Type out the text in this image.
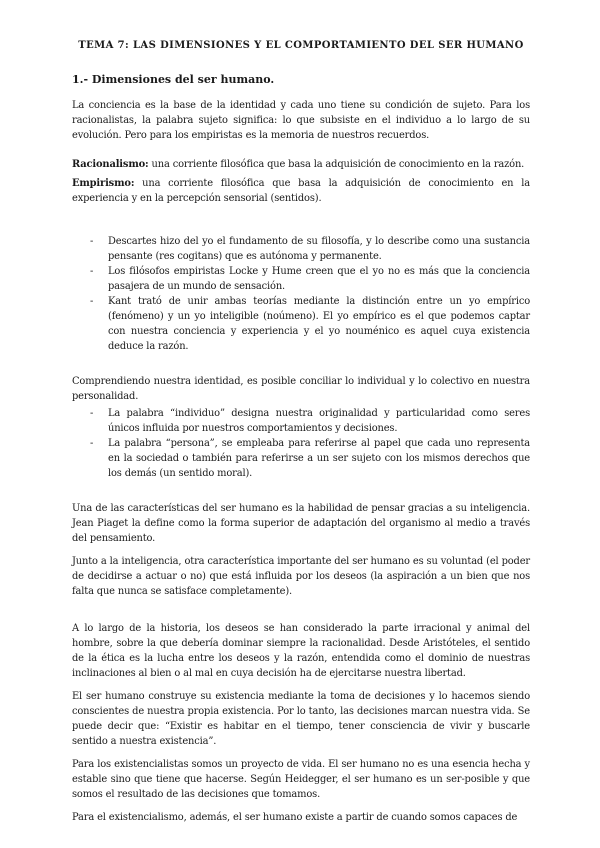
TEMA 7: LAS DIMENSIONES Y EL COMPORTAMIENTO DEL SER HUMANO
1.- Dimensiones del ser humano.

La conciencia es la base de la identidad y cada uno tiene su condición de sujeto. Para los racionalistas, la palabra sujeto significa: lo que subsiste en el individuo a lo largo de su evolución. Pero para los empiristas es la memoria de nuestros recuerdos.

Racionalismo: una corriente filosófica que basa la adquisición de conocimiento en la razón.

Empirismo: una corriente filosófica que basa la adquisición de conocimiento en la experiencia y en la percepción sensorial (sentidos).

- Descartes hizo del yo el fundamento de su filosofía, y lo describe como una sustancia pensante (res cogitans) que es autónoma y permanente.
- Los filósofos empiristas Locke y Hume creen que el yo no es más que la conciencia pasajera de un mundo de sensación.
- Kant trató de unir ambas teorías mediante la distinción entre un yo empírico (fenómeno) y un yo inteligible (noúmeno). El yo empírico es el que podemos captar con nuestra conciencia y experiencia y el yo nouménico es aquel cuya existencia deduce la razón.

Comprendiendo nuestra identidad, es posible conciliar lo individual y lo colectivo en nuestra personalidad.

- La palabra “individuo” designa nuestra originalidad y particularidad como seres únicos influida por nuestros comportamientos y decisiones.
- La palabra “persona”, se empleaba para referirse al papel que cada uno representa en la sociedad o también para referirse a un ser sujeto con los mismos derechos que los demás (un sentido moral).

Una de las características del ser humano es la habilidad de pensar gracias a su inteligencia. Jean Piaget la define como la forma superior de adaptación del organismo al medio a través del pensamiento.

Junto a la inteligencia, otra característica importante del ser humano es su voluntad (el poder de decidirse a actuar o no) que está influida por los deseos (la aspiración a un bien que nos falta que nunca se satisface completamente).

A lo largo de la historia, los deseos se han considerado la parte irracional y animal del hombre, sobre la que debería dominar siempre la racionalidad. Desde Aristóteles, el sentido de la ética es la lucha entre los deseos y la razón, entendida como el dominio de nuestras inclinaciones al bien o al mal en cuya decisión ha de ejercitarse nuestra libertad.

El ser humano construye su existencia mediante la toma de decisiones y lo hacemos siendo conscientes de nuestra propia existencia. Por lo tanto, las decisiones marcan nuestra vida. Se puede decir que: “Existir es habitar en el tiempo, tener consciencia de vivir y buscarle sentido a nuestra existencia”.

Para los existencialistas somos un proyecto de vida. El ser humano no es una esencia hecha y estable sino que tiene que hacerse. Según Heidegger, el ser humano es un ser-posible y que somos el resultado de las decisiones que tomamos.

Para el existencialismo, además, el ser humano existe a partir de cuando somos capaces de
